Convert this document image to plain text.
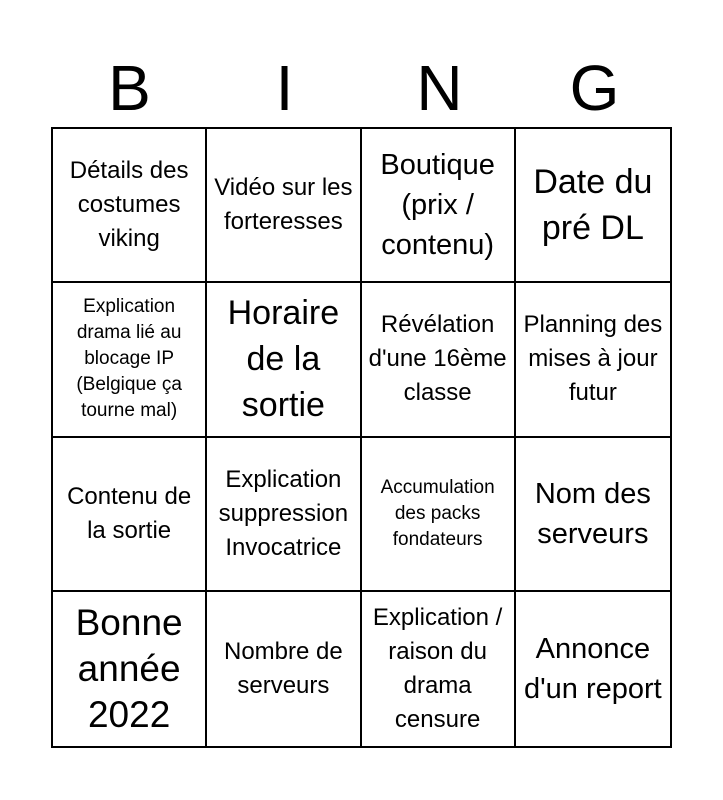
B	I	N	G
Détails des costumes viking
Vidéo sur les forteresses
Boutique (prix / contenu)
Date du pré DL
Explication drama lié au blocage IP (Belgique ça tourne mal)
Horaire de la sortie
Révélation d'une 16ème classe
Planning des mises à jour futur
Contenu de la sortie
Explication suppression Invocatrice
Accumulation des packs fondateurs
Nom des serveurs
Bonne année 2022
Nombre de serveurs
Explication / raison du drama censure
Annonce d'un report
